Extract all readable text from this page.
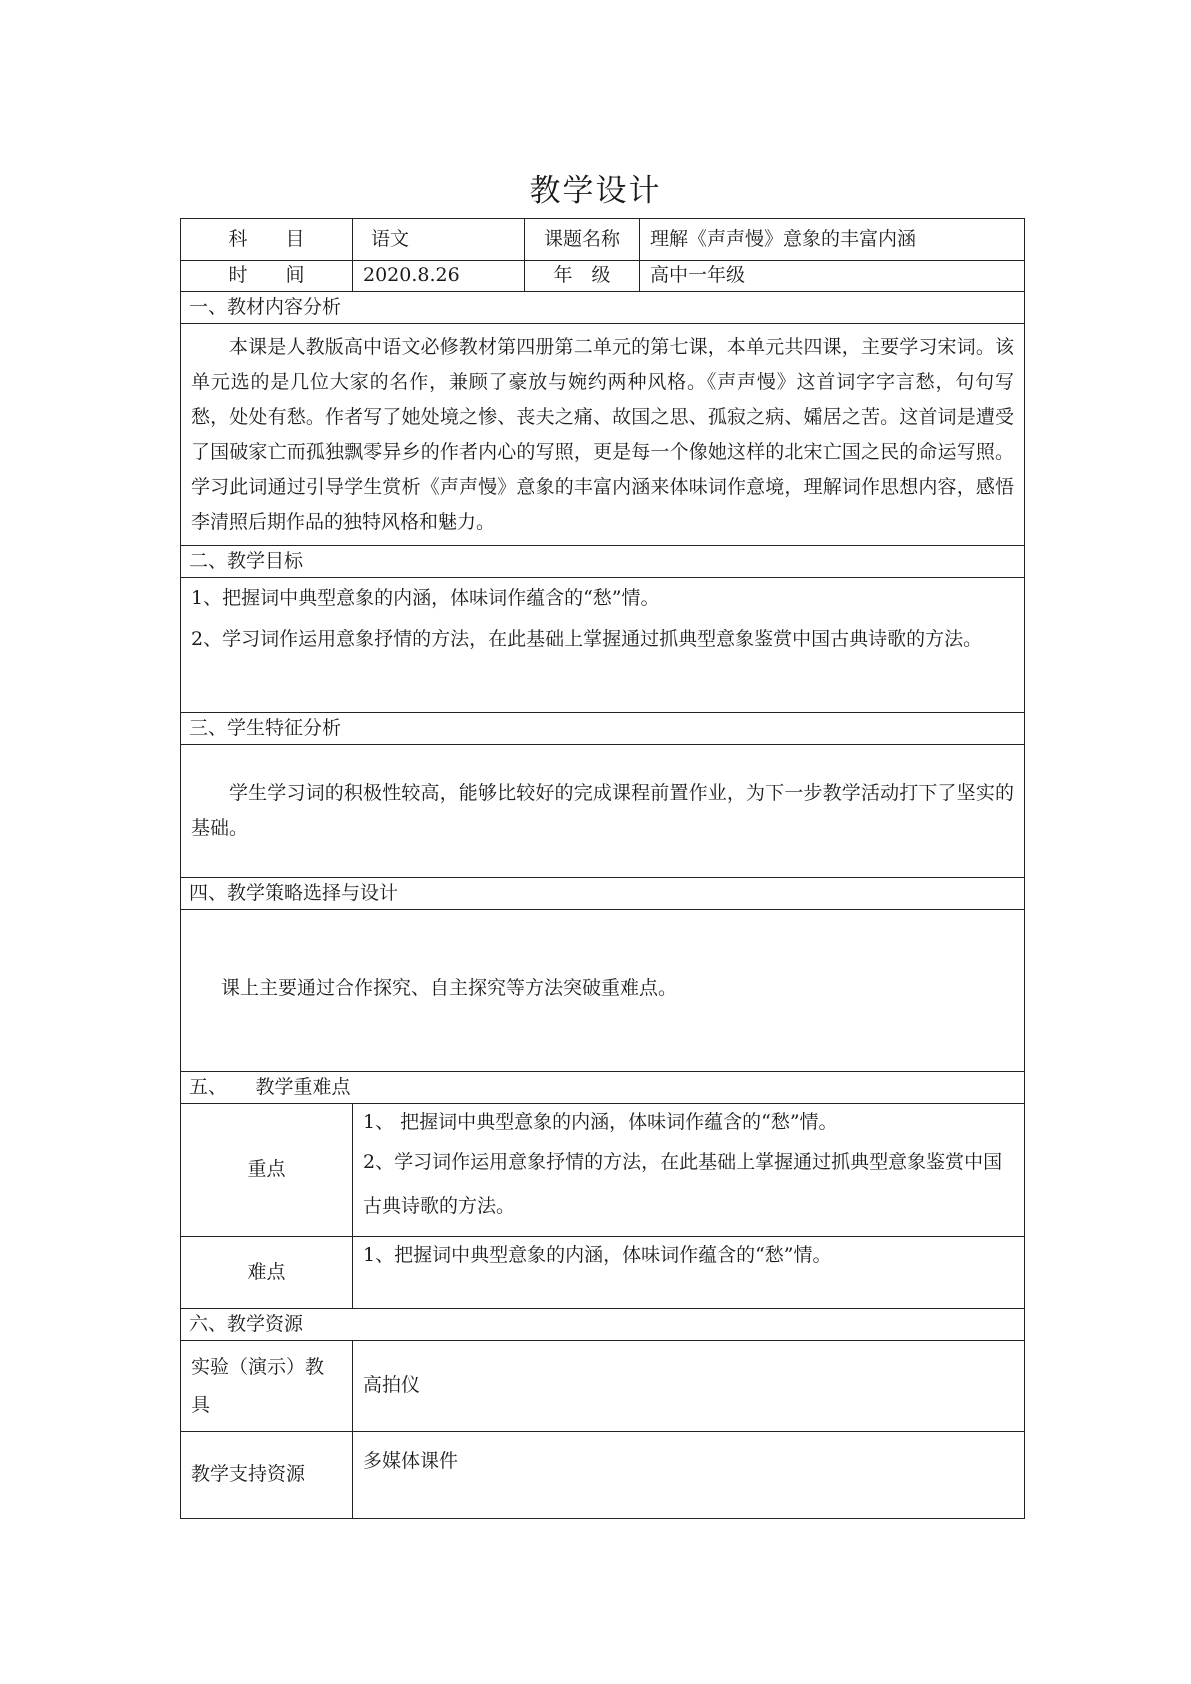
教学设计
科　　目	语文	课题名称	理解《声声慢》意象的丰富内涵
时　　间	2020.8.26	年　级	高中一年级
一、教材内容分析			

本课是人教版高中语文必修教材第四册第二单元的第七课，本单元共四课，主要学习宋词。该单元选的是几位大家的名作，兼顾了豪放与婉约两种风格。《声声慢》这首词字字言愁，句句写愁，处处有愁。作者写了她处境之惨、丧夫之痛、故国之思、孤寂之病、孀居之苦。这首词是遭受了国破家亡而孤独飘零异乡的作者内心的写照，更是每一个像她这样的北宋亡国之民的命运写照。学习此词通过引导学生赏析《声声慢》意象的丰富内涵来体味词作意境，理解词作思想内容，感悟李清照后期作品的独特风格和魅力。			

二、教学目标			

1、把握词中典型意象的内涵，体味词作蕴含的“愁”情。

2、学习词作运用意象抒情的方法，在此基础上掌握通过抓典型意象鉴赏中国古典诗歌的方法。			

三、学生特征分析			

学生学习词的积极性较高，能够比较好的完成课程前置作业，为下一步教学活动打下了坚实的基础。			

四、教学策略选择与设计			

课上主要通过合作探究、自主探究等方法突破重难点。			

五、　　教学重难点			
重点	1、 把握词中典型意象的内涵，体味词作蕴含的“愁”情。

2、学习词作运用意象抒情的方法，在此基础上掌握通过抓典型意象鉴赏中国古典诗歌的方法。		

难点	1、把握词中典型意象的内涵，体味词作蕴含的“愁”情。		

六、教学资源			
实验（演示）教具	高拍仪		
教学支持资源	多媒体课件		
